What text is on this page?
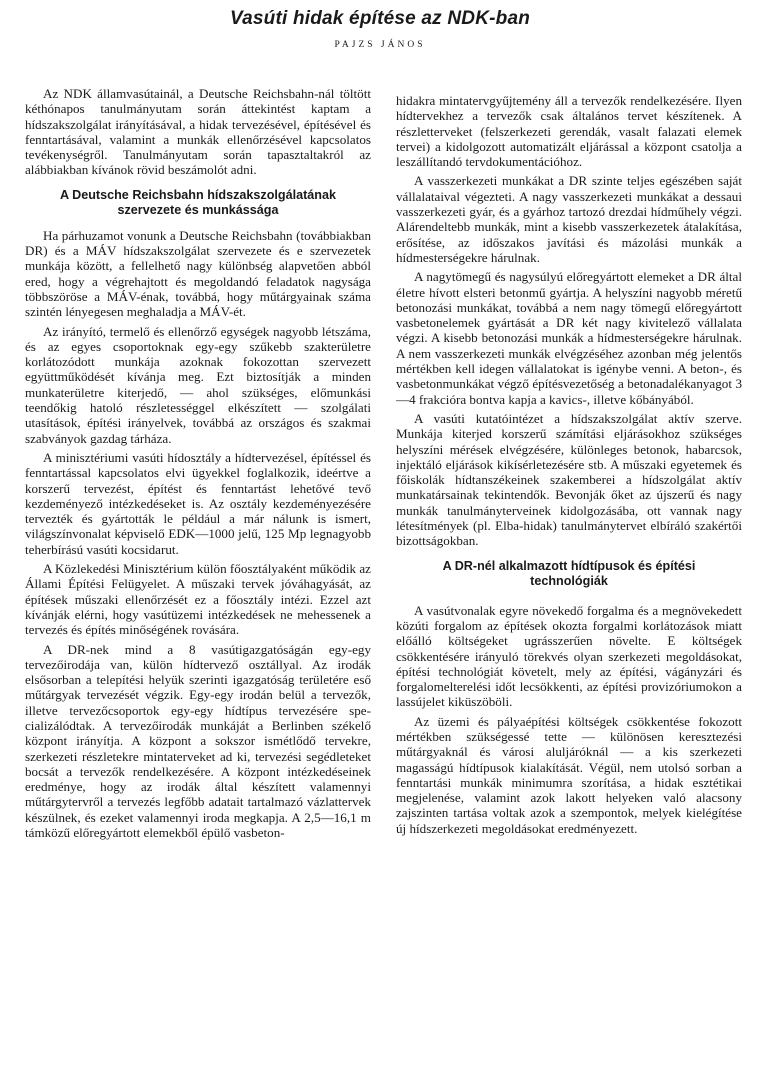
Vasúti hidak építése az NDK-ban
PAJZS JÁNOS

Az NDK államvasútainál, a Deutsche Reichsbahn-nál töltött kéthónapos tanulmányutam során áttekintést kaptam a hídszakszolgálat irányításával, a hidak tervezésével, építésével és fenntartásával, valamint a munkák ellenőrzésével kapcsolatos tevékenységről. Tanulmányutam során tapasztaltakról az alábbiakban kívánok rövid beszámolót adni.

A Deutsche Reichsbahn hídszakszolgálatának szervezete és munkássága

Ha párhuzamot vonunk a Deutsche Reichsbahn (továbbiakban DR) és a MÁV hídszakszolgálat szervezete és e szervezetek munkája között, a fellelhető nagy különbség alapvetően abból ered, hogy a végrehajtott és megoldandó feladatok nagysága többszöröse a MÁV-énak, továbbá, hogy műtárgyainak száma szintén lényegesen meghaladja a MÁV-ét.

Az irányító, termelő és ellenőrző egységek nagyobb létszáma, és az egyes csoportoknak egy-egy szűkebb szakterületre korlátozódott munkája azoknak fokozottan szervezett együttműködését kívánja meg. Ezt biztosítják a minden munkaterületre kiterjedő, — ahol szükséges, előmunkási teendőkig hatoló részletességgel elkészített — szolgálati utasítások, építési irányelvek, továbbá az országos és szakmai szabványok gazdag tárháza.

A minisztériumi vasúti hídosztály a hídtervezésel, építéssel és fenntartással kapcsolatos elvi ügyekkel foglalkozik, ideértve a korszerű tervezést, építést és fenntartást lehetővé tevő kezdeményező intézkedéseket is. Az osztály kezdeményezésére tervezték és gyártották le például a már nálunk is ismert, világszínvonalat képviselő EDK—1000 jelű, 125 Mp legnagyobb teherbírású vasúti kocsidarut.

A Közlekedési Minisztérium külön főosztályaként működik az Állami Építési Felügyelet. A műszaki tervek jóváhagyását, az építések műszaki ellenőrzését ez a főosztály intézi. Ezzel azt kívánják elérni, hogy vasútüzemi intézkedések ne mehessenek a tervezés és építés minőségének rovására.

A DR-nek mind a 8 vasútigazgatóságán egy-egy tervezőirodája van, külön hídtervező osztállyal. Az irodák elsősorban a telepítési helyük szerinti igazgatóság területére eső műtárgyak tervezését végzik. Egy-egy irodán belül a tervezők, illetve tervezőcsoportok egy-egy hídtípus tervezésére specializálódtak. A tervezőirodák munkáját a Berlinben székelő központ irányítja. A központ a sokszor ismétlődő tervekre, szerkezeti részletekre mintaterveket ad ki, tervezési segédleteket bocsát a tervezők rendelkezésére. A központ intézkedéseinek eredménye, hogy az irodák által készített valamennyi műtárgytervről a tervezés legfőbb adatait tartalmazó vázlattervek készülnek, és ezeket valamennyi iroda megkapja. A 2,5—16,1 m támközű előregyártott elemekből épülő vasbeton-

hidakra mintatervgyűjtemény áll a tervezők rendelkezésére. Ilyen hídtervekhez a tervezők csak általános tervet készítenek. A részletterveket (felszerkezeti gerendák, vasalt falazati elemek tervei) a kidolgozott automatizált eljárással a központ csatolja a leszállítandó tervdokumentációhoz.

A vasszerkezeti munkákat a DR szinte teljes egészében saját vállalataival végezteti. A nagy vasszerkezeti munkákat a dessaui vasszerkezeti gyár, és a gyárhoz tartozó drezdai hídműhely végzi. Alárendeltebb munkák, mint a kisebb vasszerkezetek átalakítása, erősítése, az időszakos javítási és mázolási munkák a hídmesterségekre hárulnak.

A nagytömegű és nagysúlyú előregyártott elemeket a DR által életre hívott elsteri betonmű gyártja. A helyszíni nagyobb méretű betonozási munkákat, továbbá a nem nagy tömegű előregyártott vasbetonelemek gyártását a DR két nagy kivitelező vállalata végzi. A kisebb betonozási munkák a hídmesterségekre hárulnak. A nem vasszerkezeti munkák elvégzéséhez azonban még jelentős mértékben kell idegen vállalatokat is igénybe venni. A beton-, és vasbetonmunkákat végző építésvezetőség a betonadalékanyagot 3—4 frakcióra bontva kapja a kavics-, illetve kőbányából.

A vasúti kutatóintézet a hídszakszolgálat aktív szerve. Munkája kiterjed korszerű számítási eljárásokhoz szükséges helyszíni mérések elvégzésére, különleges betonok, habarcsok, injektáló eljárások kikísérletezésére stb. A műszaki egyetemek és főiskolák hídtanszékeinek szakemberei a hídszolgálat aktív munkatársainak tekintendők. Bevonják őket az újszerű és nagy munkák tanulmányterveinek kidolgozásába, ott vannak nagy létesítmények (pl. Elba-hidak) tanulmánytervet elbíráló szakértői bizottságokban.

A DR-nél alkalmazott hídtípusok és építési technológiák

A vasútvonalak egyre növekedő forgalma és a megnövekedett közúti forgalom az építések okozta forgalmi korlátozások miatt előálló költségeket ugrásszerűen növelte. E költségek csökkentésére irányuló törekvés olyan szerkezeti megoldásokat, építési technológiát követelt, mely az építési, vágányzári és forgalomelterelési időt lecsökkenti, az építési provizóriumokon a lassújelet kiküszöböli.

Az üzemi és pályaépítési költségek csökkentése fokozott mértékben szükségessé tette — különösen keresztezési műtárgyaknál és városi aluljáróknál — a kis szerkezeti magasságú hídtípusok kialakítását. Végül, nem utolsó sorban a fenntartási munkák minimumra szorítása, a hidak esztétikai megjelenése, valamint azok lakott helyeken való alacsony zajszinten tartása voltak azok a szempontok, melyek kielégítése új hídszerkezeti megoldásokat eredményezett.
